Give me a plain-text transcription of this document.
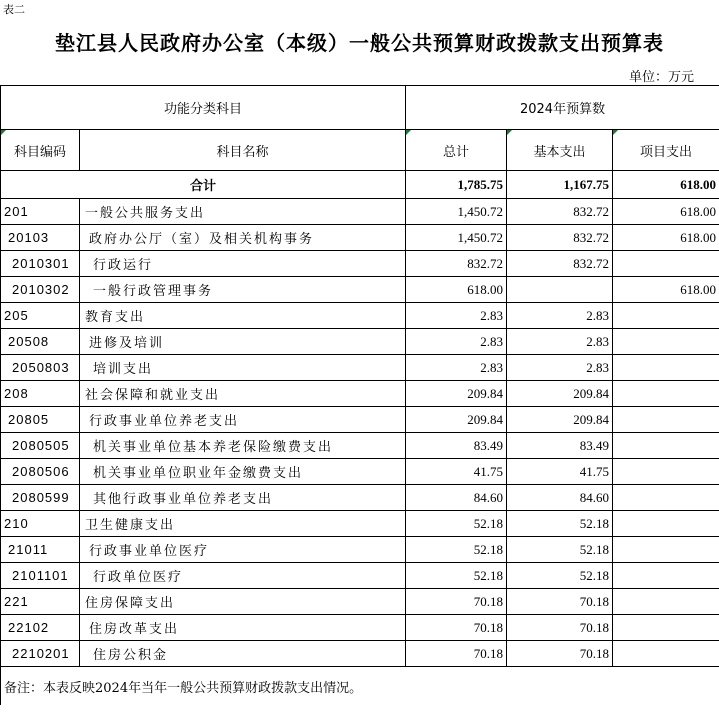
表二
垫江县人民政府办公室（本级）一般公共预算财政拨款支出预算表
单位：万元
功能分类科目		2024年预算数		
科目编码	科目名称	总计	基本支出	项目支出
合计		1,785.75	1,167.75	618.00
201	一般公共服务支出	1,450.72	832.72	618.00
20103	政府办公厅（室）及相关机构事务	1,450.72	832.72	618.00
2010301	行政运行	832.72	832.72	
2010302	一般行政管理事务	618.00		618.00
205	教育支出	2.83	2.83	
20508	进修及培训	2.83	2.83	
2050803	培训支出	2.83	2.83	
208	社会保障和就业支出	209.84	209.84	
20805	行政事业单位养老支出	209.84	209.84	
2080505	机关事业单位基本养老保险缴费支出	83.49	83.49	
2080506	机关事业单位职业年金缴费支出	41.75	41.75	
2080599	其他行政事业单位养老支出	84.60	84.60	
210	卫生健康支出	52.18	52.18	
21011	行政事业单位医疗	52.18	52.18	
2101101	行政单位医疗	52.18	52.18	
221	住房保障支出	70.18	70.18	
22102	住房改革支出	70.18	70.18	
2210201	住房公积金	70.18	70.18	
备注：本表反映2024年当年一般公共预算财政拨款支出情况。				
